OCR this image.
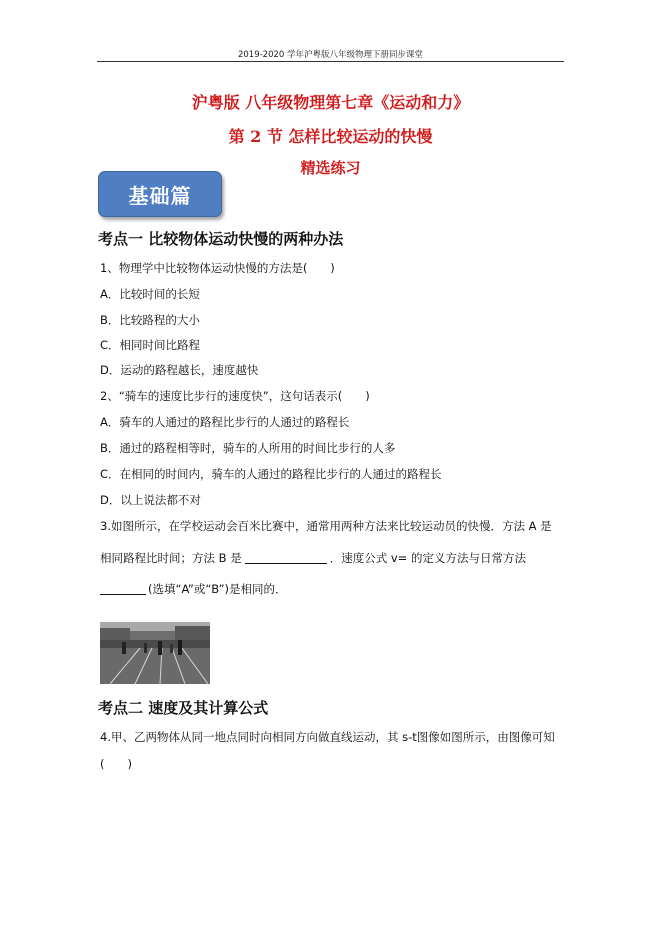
2019-2020 学年沪粤版八年级物理下册同步课堂
沪粤版 八年级物理第七章《运动和力》
第 2 节 怎样比较运动的快慢
精选练习
基础篇
考点一 比较物体运动快慢的两种办法
1、物理学中比较物体运动快慢的方法是(　　)
A．比较时间的长短
B．比较路程的大小
C．相同时间比路程
D．运动的路程越长，速度越快
2、“骑车的速度比步行的速度快”，这句话表示(　　)
A．骑车的人通过的路程比步行的人通过的路程长
B．通过的路程相等时，骑车的人所用的时间比步行的人多
C．在相同的时间内，骑车的人通过的路程比步行的人通过的路程长
D．以上说法都不对
3.如图所示，在学校运动会百米比赛中，通常用两种方法来比较运动员的快慢．方法 A 是
相同路程比时间；方法 B 是	．速度公式 v= 的定义方法与日常方法
(选填“A”或“B”)是相同的．
考点二 速度及其计算公式
4.甲、乙两物体从同一地点同时向相同方向做直线运动，其 s-t图像如图所示，由图像可知
(　　)
